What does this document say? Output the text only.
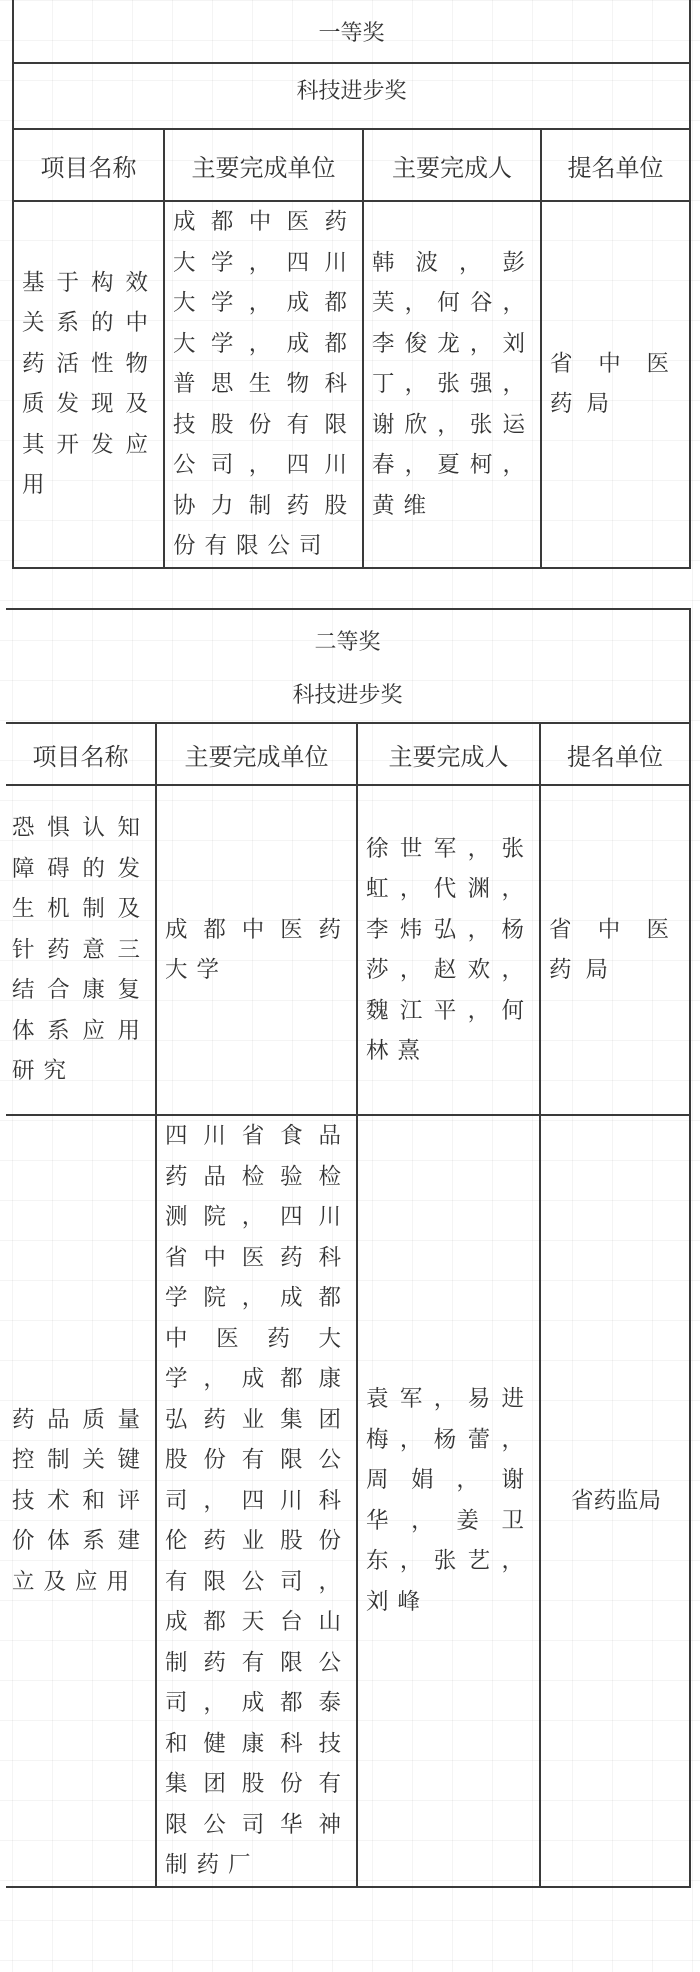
一等奖			
科技进步奖			
项目名称	主要完成单位	主要完成人	提名单位

基于构效关系的中药活性物质发现及其开发应用	成都中医药大学，四川大学，成都大学，成都普思生物科技股份有限公司，四川协力制药股份有限公司	韩波，彭芙，何谷，李俊龙，刘丁，张强，谢欣，张运春，夏柯，黄维	省中医药局
二等奖			
科技进步奖			
项目名称	主要完成单位	主要完成人	提名单位

恐惧认知障碍的发生机制及针药意三结合康复体系应用研究	成都中医药大学	徐世军，张虹，代渊，李炜弘，杨莎，赵欢，魏江平，何林熹	省中医药局

药品质量控制关键技术和评价体系建立及应用	四川省食品药品检验检测院，四川省中医药科学院，成都中医药大学，成都康弘药业集团股份有限公司，四川科伦药业股份有限公司，成都天台山制药有限公司，成都泰和健康科技集团股份有限公司华神制药厂	袁军，易进梅，杨蕾，周娟，谢华，姜卫东，张艺，刘峰	省药监局
